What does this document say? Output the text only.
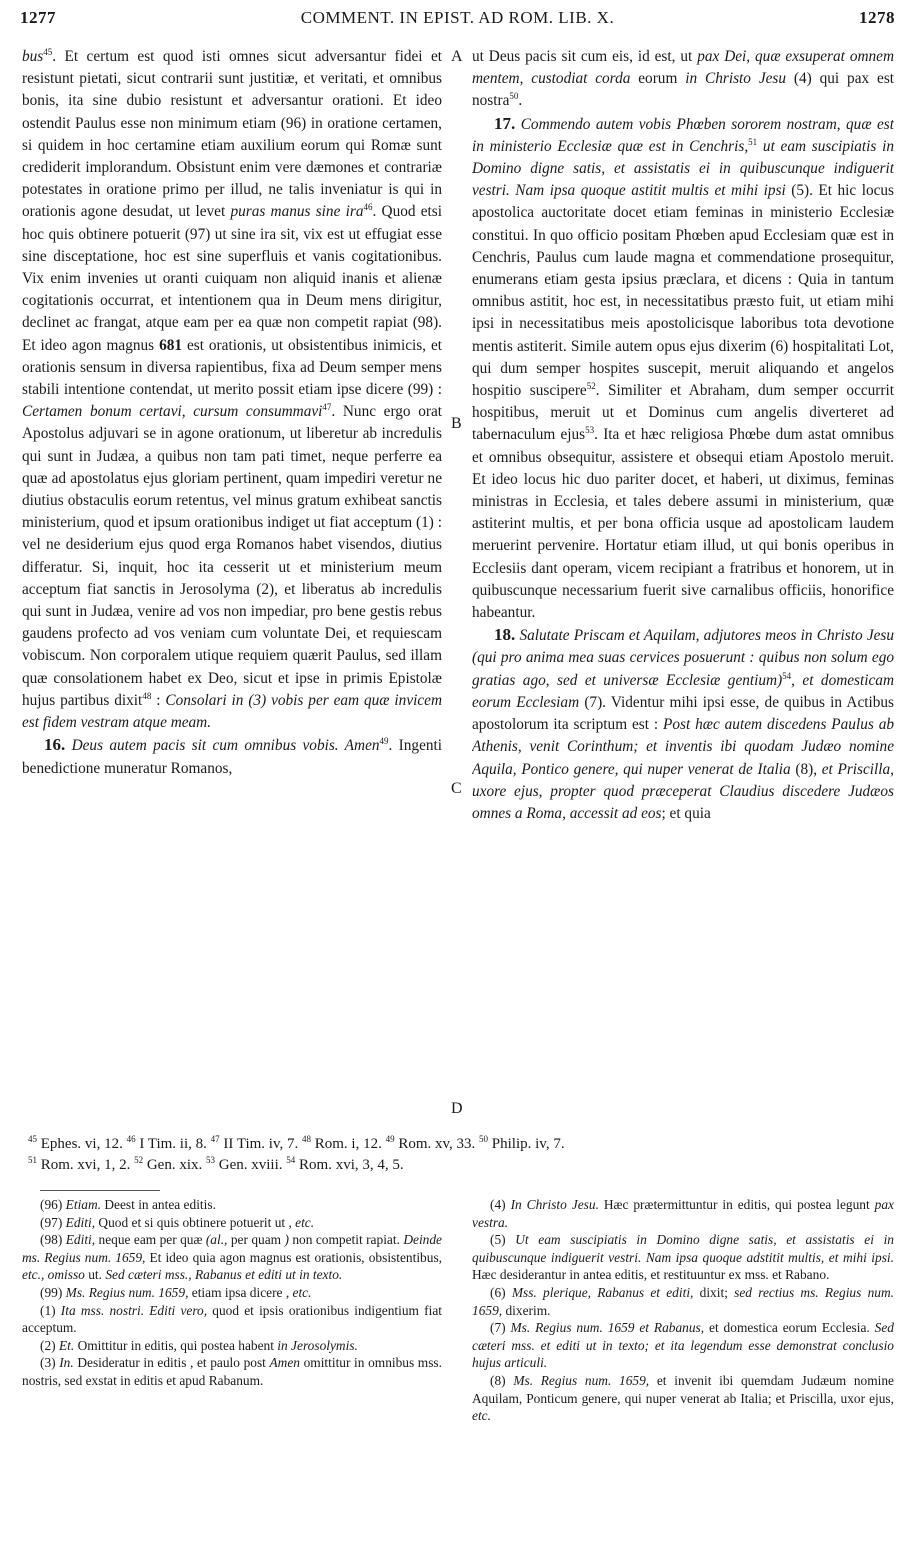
1277	COMMENT. IN EPIST. AD ROM. LIB. X.	1278
A
B
C
D

bus$^{45}$. Et certum est quod isti omnes sicut adversantur fidei et resistunt pietati, sicut contrarii sunt justitiæ, et veritati, et omnibus bonis, ita sine dubio resistunt et adversantur orationi. Et ideo ostendit Paulus esse non minimum etiam (96) in oratione certamen, si quidem in hoc certamine etiam auxilium eorum qui Romæ sunt crediderit implorandum. Obsistunt enim vere dæmones et contrariæ potestates in oratione primo per illud, ne talis inveniatur is qui in orationis agone desudat, ut levet puras manus sine ira$^{46}$. Quod etsi hoc quis obtinere potuerit (97) ut sine ira sit, vix est ut effugiat esse sine disceptatione, hoc est sine superfluis et vanis cogitationibus. Vix enim invenies ut oranti cuiquam non aliquid inanis et alienæ cogitationis occurrat, et intentionem qua in Deum mens dirigitur, declinet ac frangat, atque eam per ea quæ non competit rapiat (98). Et ideo agon magnus 681 est orationis, ut obsistentibus inimicis, et orationis sensum in diversa rapientibus, fixa ad Deum semper mens stabili intentione contendat, ut merito possit etiam ipse dicere (99) : Certamen bonum certavi, cursum consummavi$^{47}$. Nunc ergo orat Apostolus adjuvari se in agone orationum, ut liberetur ab incredulis qui sunt in Judæa, a quibus non tam pati timet, neque perferre ea quæ ad apostolatus ejus gloriam pertinent, quam impediri veretur ne diutius obstaculis eorum retentus, vel minus gratum exhibeat sanctis ministerium, quod et ipsum orationibus indiget ut fiat acceptum (1) : vel ne desiderium ejus quod erga Romanos habet visendos, diutius differatur. Si, inquit, hoc ita cesserit ut et ministerium meum acceptum fiat sanctis in Jerosolyma (2), et liberatus ab incredulis qui sunt in Judæa, venire ad vos non impediar, pro bene gestis rebus gaudens profecto ad vos veniam cum voluntate Dei, et requiescam vobiscum. Non corporalem utique requiem quærit Paulus, sed illam quæ consolationem habet ex Deo, sicut et ipse in primis Epistolæ hujus partibus dixit$^{48}$ : Consolari in (3) vobis per eam quæ invicem est fidem vestram atque meam.

16. Deus autem pacis sit cum omnibus vobis. Amen$^{49}$. Ingenti benedictione muneratur Romanos,

ut Deus pacis sit cum eis, id est, ut pax Dei, quæ exsuperat omnem mentem, custodiat corda eorum in Christo Jesu (4) qui pax est nostra$^{50}$.

17. Commendo autem vobis Phœben sororem nostram, quæ est in ministerio Ecclesiæ quæ est in Cenchris,$^{51}$ ut eam suscipiatis in Domino digne satis, et assistatis ei in quibuscunque indiguerit vestri. Nam ipsa quoque astitit multis et mihi ipsi (5). Et hic locus apostolica auctoritate docet etiam feminas in ministerio Ecclesiæ constitui. In quo officio positam Phœben apud Ecclesiam quæ est in Cenchris, Paulus cum laude magna et commendatione prosequitur, enumerans etiam gesta ipsius præclara, et dicens : Quia in tantum omnibus astitit, hoc est, in necessitatibus præsto fuit, ut etiam mihi ipsi in necessitatibus meis apostolicisque laboribus tota devotione mentis astiterit. Simile autem opus ejus dixerim (6) hospitalitati Lot, qui dum semper hospites suscepit, meruit aliquando et angelos hospitio suscipere$^{52}$. Similiter et Abraham, dum semper occurrit hospitibus, meruit ut et Dominus cum angelis diverteret ad tabernaculum ejus$^{53}$. Ita et hæc religiosa Phœbe dum astat omnibus et omnibus obsequitur, assistere et obsequi etiam Apostolo meruit. Et ideo locus hic duo pariter docet, et haberi, ut diximus, feminas ministras in Ecclesia, et tales debere assumi in ministerium, quæ astiterint multis, et per bona officia usque ad apostolicam laudem meruerint pervenire. Hortatur etiam illud, ut qui bonis operibus in Ecclesiis dant operam, vicem recipiant a fratribus et honorem, ut in quibuscunque necessarium fuerit sive carnalibus officiis, honorifice habeantur.

18. Salutate Priscam et Aquilam, adjutores meos in Christo Jesu (qui pro anima mea suas cervices posuerunt : quibus non solum ego gratias ago, sed et universæ Ecclesiæ gentium)$^{54}$, et domesticam eorum Ecclesiam (7). Videntur mihi ipsi esse, de quibus in Actibus apostolorum ita scriptum est : Post hæc autem discedens Paulus ab Athenis, venit Corinthum; et inventis ibi quodam Judæo nomine Aquila, Pontico genere, qui nuper venerat de Italia (8), et Priscilla, uxore ejus, propter quod præceperat Claudius discedere Judæos omnes a Roma, accessit ad eos; et quia

$^{45}$ Ephes. vi, 12. $^{46}$ I Tim. ii, 8. $^{47}$ II Tim. iv, 7. $^{48}$ Rom. i, 12. $^{49}$ Rom. xv, 33. $^{50}$ Philip. iv, 7.
$^{51}$ Rom. xvi, 1, 2. $^{52}$ Gen. xix. $^{53}$ Gen. xviii. $^{54}$ Rom. xvi, 3, 4, 5.

(96) Etiam. Deest in antea editis.

(97) Editi, Quod et si quis obtinere potuerit ut , etc.

(98) Editi, neque eam per quæ (al., per quam ) non competit rapiat. Deinde ms. Regius num. 1659, Et ideo quia agon magnus est orationis, obsistentibus, etc., omisso ut. Sed cæteri mss., Rabanus et editi ut in texto.

(99) Ms. Regius num. 1659, etiam ipsa dicere , etc.

(1) Ita mss. nostri. Editi vero, quod et ipsis orationibus indigentium fiat acceptum.

(2) Et. Omittitur in editis, qui postea habent in Jerosolymis.

(3) In. Desideratur in editis , et paulo post Amen omittitur in omnibus mss. nostris, sed exstat in editis et apud Rabanum.

(4) In Christo Jesu. Hæc prætermittuntur in editis, qui postea legunt pax vestra.

(5) Ut eam suscipiatis in Domino digne satis, et assistatis ei in quibuscunque indiguerit vestri. Nam ipsa quoque adstitit multis, et mihi ipsi. Hæc desiderantur in antea editis, et restituuntur ex mss. et Rabano.

(6) Mss. plerique, Rabanus et editi, dixit; sed rectius ms. Regius num. 1659, dixerim.

(7) Ms. Regius num. 1659 et Rabanus, et domestica eorum Ecclesia. Sed cæteri mss. et editi ut in texto; et ita legendum esse demonstrat conclusio hujus articuli.

(8) Ms. Regius num. 1659, et invenit ibi quemdam Judæum nomine Aquilam, Ponticum genere, qui nuper venerat ab Italia; et Priscilla, uxor ejus, etc.
